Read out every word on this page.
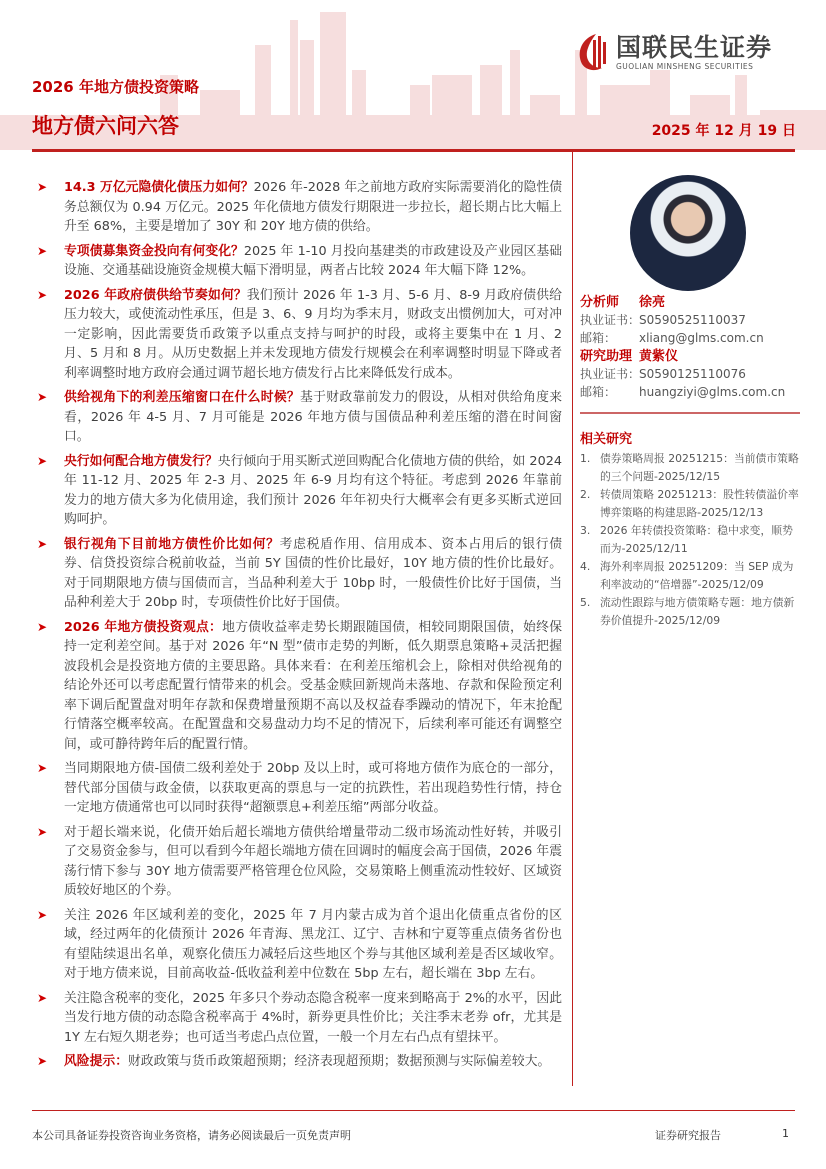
国联民生证券
GUOLIAN MINSHENG SECURITIES
2026 年地方债投资策略
地方债六问六答	2025 年 12 月 19 日
➤	14.3 万亿元隐债化债压力如何？2026 年-2028 年之前地方政府实际需要消化的隐性债务总额仅为 0.94 万亿元。2025 年化债地方债发行期限进一步拉长，超长期占比大幅上升至 68%，主要是增加了 30Y 和 20Y 地方债的供给。
➤	专项债募集资金投向有何变化？2025 年 1-10 月投向基建类的市政建设及产业园区基础设施、交通基础设施资金规模大幅下滑明显，两者占比较 2024 年大幅下降 12%。
➤	2026 年政府债供给节奏如何？我们预计 2026 年 1-3 月、5-6 月、8-9 月政府债供给压力较大，或使流动性承压，但是 3、6、9 月均为季末月，财政支出惯例加大，可对冲一定影响，因此需要货币政策予以重点支持与呵护的时段，或将主要集中在 1 月、2 月、5 月和 8 月。从历史数据上并未发现地方债发行规模会在利率调整时明显下降或者利率调整时地方政府会通过调节超长地方债发行占比来降低发行成本。
➤	供给视角下的利差压缩窗口在什么时候？基于财政靠前发力的假设，从相对供给角度来看，2026 年 4-5 月、7 月可能是 2026 年地方债与国债品种利差压缩的潜在时间窗口。
➤	央行如何配合地方债发行？央行倾向于用买断式逆回购配合化债地方债的供给，如 2024 年 11-12 月、2025 年 2-3 月、2025 年 6-9 月均有这个特征。考虑到 2026 年靠前发力的地方债大多为化债用途，我们预计 2026 年年初央行大概率会有更多买断式逆回购呵护。
➤	银行视角下目前地方债性价比如何？考虑税盾作用、信用成本、资本占用后的银行债券、信贷投资综合税前收益，当前 5Y 国债的性价比最好，10Y 地方债的性价比最好。对于同期限地方债与国债而言，当品种利差大于 10bp 时，一般债性价比好于国债，当品种利差大于 20bp 时，专项债性价比好于国债。
➤	2026 年地方债投资观点：地方债收益率走势长期跟随国债，相较同期限国债，始终保持一定利差空间。基于对 2026 年“N 型”债市走势的判断，低久期票息策略+灵活把握波段机会是投资地方债的主要思路。具体来看：在利差压缩机会上，除相对供给视角的结论外还可以考虑配置行情带来的机会。受基金赎回新规尚未落地、存款和保险预定利率下调后配置盘对明年存款和保费增量预期不高以及权益春季躁动的情况下，年末抢配行情落空概率较高。在配置盘和交易盘动力均不足的情况下，后续利率可能还有调整空间，或可静待跨年后的配置行情。
➤	当同期限地方债-国债二级利差处于 20bp 及以上时，或可将地方债作为底仓的一部分，替代部分国债与政金债，以获取更高的票息与一定的抗跌性，若出现趋势性行情，持仓一定地方债通常也可以同时获得“超额票息+利差压缩”两部分收益。
➤	对于超长端来说，化债开始后超长端地方债供给增量带动二级市场流动性好转，并吸引了交易资金参与，但可以看到今年超长端地方债在回调时的幅度会高于国债，2026 年震荡行情下参与 30Y 地方债需要严格管理仓位风险，交易策略上侧重流动性较好、区域资质较好地区的个券。
➤	关注 2026 年区域利差的变化，2025 年 7 月内蒙古成为首个退出化债重点省份的区域，经过两年的化债预计 2026 年青海、黑龙江、辽宁、吉林和宁夏等重点债务省份也有望陆续退出名单，观察化债压力减轻后这些地区个券与其他区域利差是否区域收窄。对于地方债来说，目前高收益-低收益利差中位数在 5bp 左右，超长端在 3bp 左右。
➤	关注隐含税率的变化，2025 年多只个券动态隐含税率一度来到略高于 2%的水平，因此当发行地方债的动态隐含税率高于 4%时，新券更具性价比；关注季末老券 ofr，尤其是 1Y 左右短久期老券；也可适当考虑凸点位置，一般一个月左右凸点有望抹平。
➤	风险提示：财政政策与货币政策超预期；经济表现超预期；数据预测与实际偏差较大。
分析师 徐亮
执业证书：S0590525110037
邮箱： xliang@glms.com.cn
研究助理 黄紫仪
执业证书：S0590125110076
邮箱： huangziyi@glms.com.cn
相关研究
1. 债券策略周报 20251215：当前债市策略的三个问题-2025/12/15
2. 转债周策略 20251213：股性转债溢价率博弈策略的构建思路-2025/12/13
3. 2026 年转债投资策略：稳中求变，顺势而为-2025/12/11
4. 海外利率周报 20251209：当 SEP 成为利率波动的“倍增器”-2025/12/09
5. 流动性跟踪与地方债策略专题：地方债新券价值提升-2025/12/09
本公司具备证券投资咨询业务资格，请务必阅读最后一页免责声明	证券研究报告	1
